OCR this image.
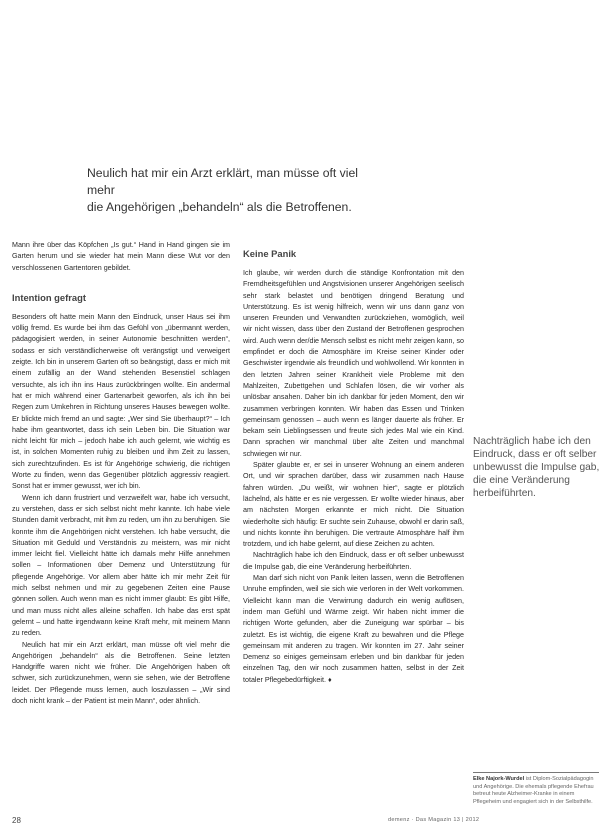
Neulich hat mir ein Arzt erklärt, man müsse oft viel mehr
die Angehörigen „behandeln“ als die Betroffenen.

Mann ihre über das Köpfchen „Is gut.“ Hand in Hand gingen sie im Garten herum und sie wieder hat mein Mann diese Wut vor den verschlossenen Gartentoren gebildet.

Intention gefragt

Besonders oft hatte mein Mann den Eindruck, unser Haus sei ihm völlig fremd. Es wurde bei ihm das Gefühl von „übermannt werden, pädagogisiert werden, in seiner Autonomie beschnitten werden“, sodass er sich verständlicherweise oft verängstigt und verweigert zeigte. Ich bin in unserem Garten oft so beängstigt, dass er mich mit einem zufällig an der Wand stehenden Besenstiel schlagen versuchte, als ich ihn ins Haus zurückbringen wollte. Ein andermal hat er mich während einer Gartenarbeit geworfen, als ich ihn bei Regen zum Umkehren in Richtung unseres Hauses bewegen wollte. Er blickte mich fremd an und sagte: „Wer sind Sie überhaupt?“ – Ich habe ihm geantwortet, dass ich sein Leben bin. Die Situation war nicht leicht für mich – jedoch habe ich auch gelernt, wie wichtig es ist, in solchen Momenten ruhig zu bleiben und ihm Zeit zu lassen, sich zurechtzufinden. Es ist für Angehörige schwierig, die richtigen Worte zu finden, wenn das Gegenüber plötzlich aggressiv reagiert. Sonst hat er immer gewusst, wer ich bin.

Wenn ich dann frustriert und verzweifelt war, habe ich versucht, zu verstehen, dass er sich selbst nicht mehr kannte. Ich habe viele Stunden damit verbracht, mit ihm zu reden, um ihn zu beruhigen. Sie konnte ihm die Angehörigen nicht verstehen. Ich habe versucht, die Situation mit Geduld und Verständnis zu meistern, was mir nicht immer leicht fiel. Vielleicht hätte ich damals mehr Hilfe annehmen sollen – Informationen über Demenz und Unterstützung für pflegende Angehörige. Vor allem aber hätte ich mir mehr Zeit für mich selbst nehmen und mir zu gegebenen Zeiten eine Pause gönnen sollen. Auch wenn man es nicht immer glaubt: Es gibt Hilfe, und man muss nicht alles alleine schaffen. Ich habe das erst spät gelernt – und hatte irgendwann keine Kraft mehr, mit meinem Mann zu reden.

Neulich hat mir ein Arzt erklärt, man müsse oft viel mehr die Angehörigen „behandeln“ als die Betroffenen. Seine letzten Handgriffe waren nicht wie früher. Die Angehörigen haben oft schwer, sich zurückzunehmen, wenn sie sehen, wie der Betroffene leidet. Der Pflegende muss lernen, auch loszulassen – „Wir sind doch nicht krank – der Patient ist mein Mann“, oder ähnlich.

Keine Panik

Ich glaube, wir werden durch die ständige Konfrontation mit den Fremdheitsgefühlen und Angstvisionen unserer Angehörigen seelisch sehr stark belastet und benötigen dringend Beratung und Unterstützung. Es ist wenig hilfreich, wenn wir uns dann ganz von unseren Freunden und Verwandten zurückziehen, womöglich, weil wir nicht wissen, dass über den Zustand der Betroffenen gesprochen wird. Auch wenn der/die Mensch selbst es nicht mehr zeigen kann, so empfindet er doch die Atmosphäre im Kreise seiner Kinder oder Geschwister irgendwie als freundlich und wohlwollend. Wir konnten in den letzten Jahren seiner Krankheit viele Probleme mit den Mahlzeiten, Zubettgehen und Schlafen lösen, die wir vorher als unlösbar ansahen. Daher bin ich dankbar für jeden Moment, den wir zusammen verbringen konnten. Wir haben das Essen und Trinken gemeinsam genossen – auch wenn es länger dauerte als früher. Er bekam sein Lieblingsessen und freute sich jedes Mal wie ein Kind. Dann sprachen wir manchmal über alte Zeiten und manchmal schwiegen wir nur.

Später glaubte er, er sei in unserer Wohnung an einem anderen Ort, und wir sprachen darüber, dass wir zusammen nach Hause fahren würden. „Du weißt, wir wohnen hier“, sagte er plötzlich lächelnd, als hätte er es nie vergessen. Er wollte wieder hinaus, aber am nächsten Morgen erkannte er mich nicht. Die Situation wiederholte sich häufig: Er suchte sein Zuhause, obwohl er darin saß, und nichts konnte ihn beruhigen. Die vertraute Atmosphäre half ihm trotzdem, und ich habe gelernt, auf diese Zeichen zu achten.

Nachträglich habe ich den Eindruck, dass er oft selber unbewusst die Impulse gab, die eine Veränderung herbeiführten.

Man darf sich nicht von Panik leiten lassen, wenn die Betroffenen Unruhe empfinden, weil sie sich wie verloren in der Welt vorkommen. Vielleicht kann man die Verwirrung dadurch ein wenig auflösen, indem man Gefühl und Wärme zeigt. Wir haben nicht immer die richtigen Worte gefunden, aber die Zuneigung war spürbar – bis zuletzt. Es ist wichtig, die eigene Kraft zu bewahren und die Pflege gemeinsam mit anderen zu tragen. Wir konnten im 27. Jahr seiner Demenz so einiges gemeinsam erleben und bin dankbar für jeden einzelnen Tag, den wir noch zusammen hatten, selbst in der Zeit totaler Pflegebedürftigkeit. ♦

Nachträglich habe ich den Eindruck, dass er oft selber unbewusst die Impulse gab, die eine Veränderung herbeiführten.
Elke Najork-Wurdel ist Diplom-Sozialpädagogin und Angehörige. Die ehemals pflegende Ehefrau betreut heute Alzheimer-Kranke in einem Pflegeheim und engagiert sich in der Selbsthilfe.
28	demenz · Das Magazin 13 | 2012
